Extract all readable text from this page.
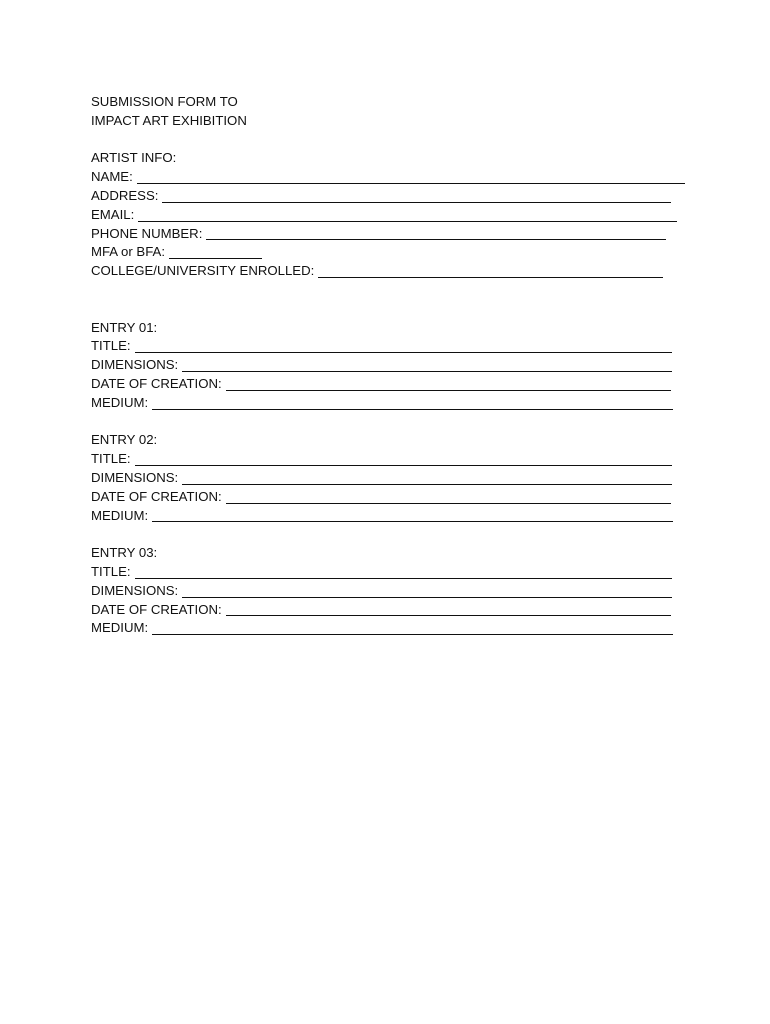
SUBMISSION FORM TO
IMPACT ART EXHIBITION
ARTIST INFO:
NAME:
ADDRESS:
EMAIL:
PHONE NUMBER:
MFA or BFA:
COLLEGE/UNIVERSITY ENROLLED:
ENTRY 01:
TITLE:
DIMENSIONS:
DATE OF CREATION:
MEDIUM:
ENTRY 02:
TITLE:
DIMENSIONS:
DATE OF CREATION:
MEDIUM:
ENTRY 03:
TITLE:
DIMENSIONS:
DATE OF CREATION:
MEDIUM:
